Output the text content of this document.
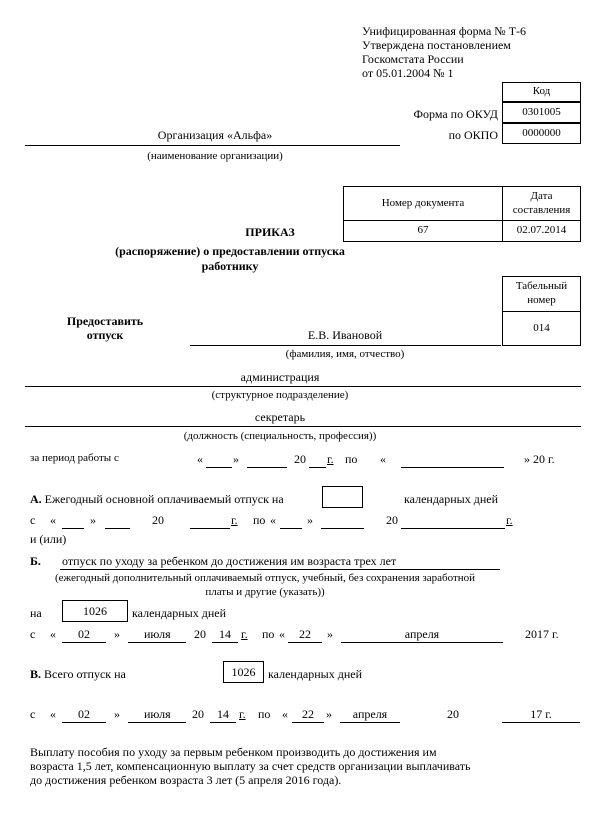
Унифицированная форма № Т-6
Утверждена постановлением
Госкомстата России
от 05.01.2004 № 1
Код
Форма по ОКУД 0301005
по ОКПО 0000000
Организация «Альфа»
(наименование организации)
Номер документа
Дата составления
67	02.07.2014
ПРИКАЗ
(распоряжение) о предоставлении отпуска
работнику
Табельный номер
014
Предоставить
отпуск	Е.В. Ивановой
(фамилия, имя, отчество)
администрация
(структурное подразделение)
секретарь
(должность (специальность, профессия))
за период работы с	«	»	20 г. по «	» 20 г.
А. Ежегодный основной оплачиваемый отпуск на	календарных дней
с «	»	20	г. по «	»	20	г.
и (или)
Б. отпуск по уходу за ребенком до достижения им возраста трех лет
(ежегодный дополнительный оплачиваемый отпуск, учебный, без сохранения заработной
платы и другие (указать))
на	1026 календарных дней
с «	02	» июля 20	14 г. по «	22	»	апреля	2017 г.
В. Всего отпуск на	1026 календарных дней
с «	02	» июля 20	14 г. по «	22	»	апреля	20	17 г.
Выплату пособия по уходу за первым ребенком производить до достижения им
возраста 1,5 лет, компенсационную выплату за счет средств организации выплачивать
до достижения ребенком возраста 3 лет (5 апреля 2016 года).
